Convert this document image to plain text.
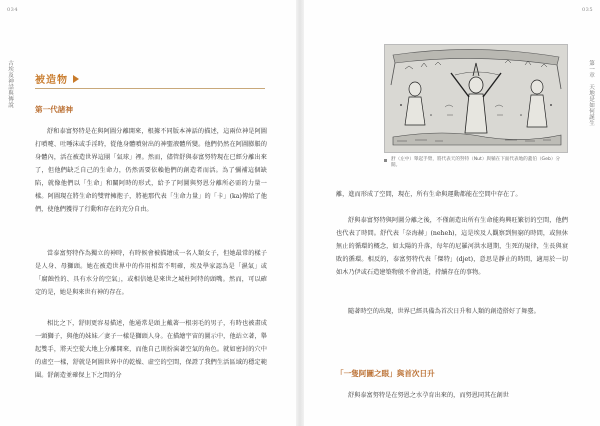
034
古埃及神話與傳說 被造物
第一代諸神

舒和泰富努特是在與阿圖分離開來，根據不同版本神話的描述，這兩位神是阿圖打噴嚏、吐唾沫或手淫時，從他身體噴射出的神聖液體所變。他們仍然在阿圖膨脹的身體內，活在被造世界這團「氣球」裡。然而，儘管舒與泰富努特現在已經分離出來了，但他們缺乏自己的生命力，仍然需要依賴他們的創造者而活。為了彌補這個缺陷，就像他們以「生命」和關阿時的形式，給予了阿圖與努恩分離所必需的力量一樣。阿圖現在將生命的雙臂擁抱子，將祂那代表「生命力量」的「卡」(ka)傳給了他們，使他們獲得了行動和存在的充分自由。

當泰富努特作為獨立的神時，有時候會被描繪成一名人類女子，但她最常的樣子是人身、母獅頭。她在被造世界中的作用相當不明確，埃及學家認為是「濕氣」或「腐蝕性的、具有水分的空氣」，或相信她是來世之城柱阿特的頭嘴。然而，可以確定的是，她是與來世有神的存在。

相比之下，舒則更容易描述，他通常是頭上戴著一根羽毛的男子，有時也被畫成一頭獅子，與他的妹妹／妻子一樣是獅頭人身。在描繪宇宙的圖示中，他站立著，舉起雙手，將天空從大地上分離開來，而他自己則扮演著空氣的角色。就如密封的穴中的虛空一樣，舒就是阿圖世界中的乾燥、虛空的空間，保證了我們生活區域的穩定範圍。舒創造並確保上下之間的分

035
第一章　天地是如何誕生
舒（左中）舉起手臂，將代表天的努特（Nut）與躺在下面代表地的蓋伯（Geb）分開。

離，進而形成了空間，現在，所有生命與運動都能在空間中存在了。

舒與泰富努特與阿圖分離之後，不僅創造出所有生命能夠興旺繁衍的空間，他們也代表了時間。舒代表「奈海赫」(neheh)，這是埃及人觀察到無窮的時間，或無休無止的循環的概念，如太陽的升落，每年的尼羅河洪水週期，生死的規律，生長與衰敗的循環。相反的，泰富努特代表「傑特」(djet)，意思是靜止的時間，適用於一切如木乃伊或石造建築物般不會消逝，持續存在的事物。

隨著時空的出現，世界已經具備為首次日升和人類的創造搭好了舞臺。

「一隻阿圖之眼」與首次日升

舒與泰富努特是在努恩之水孕育出來的，而努恩同其在創世
